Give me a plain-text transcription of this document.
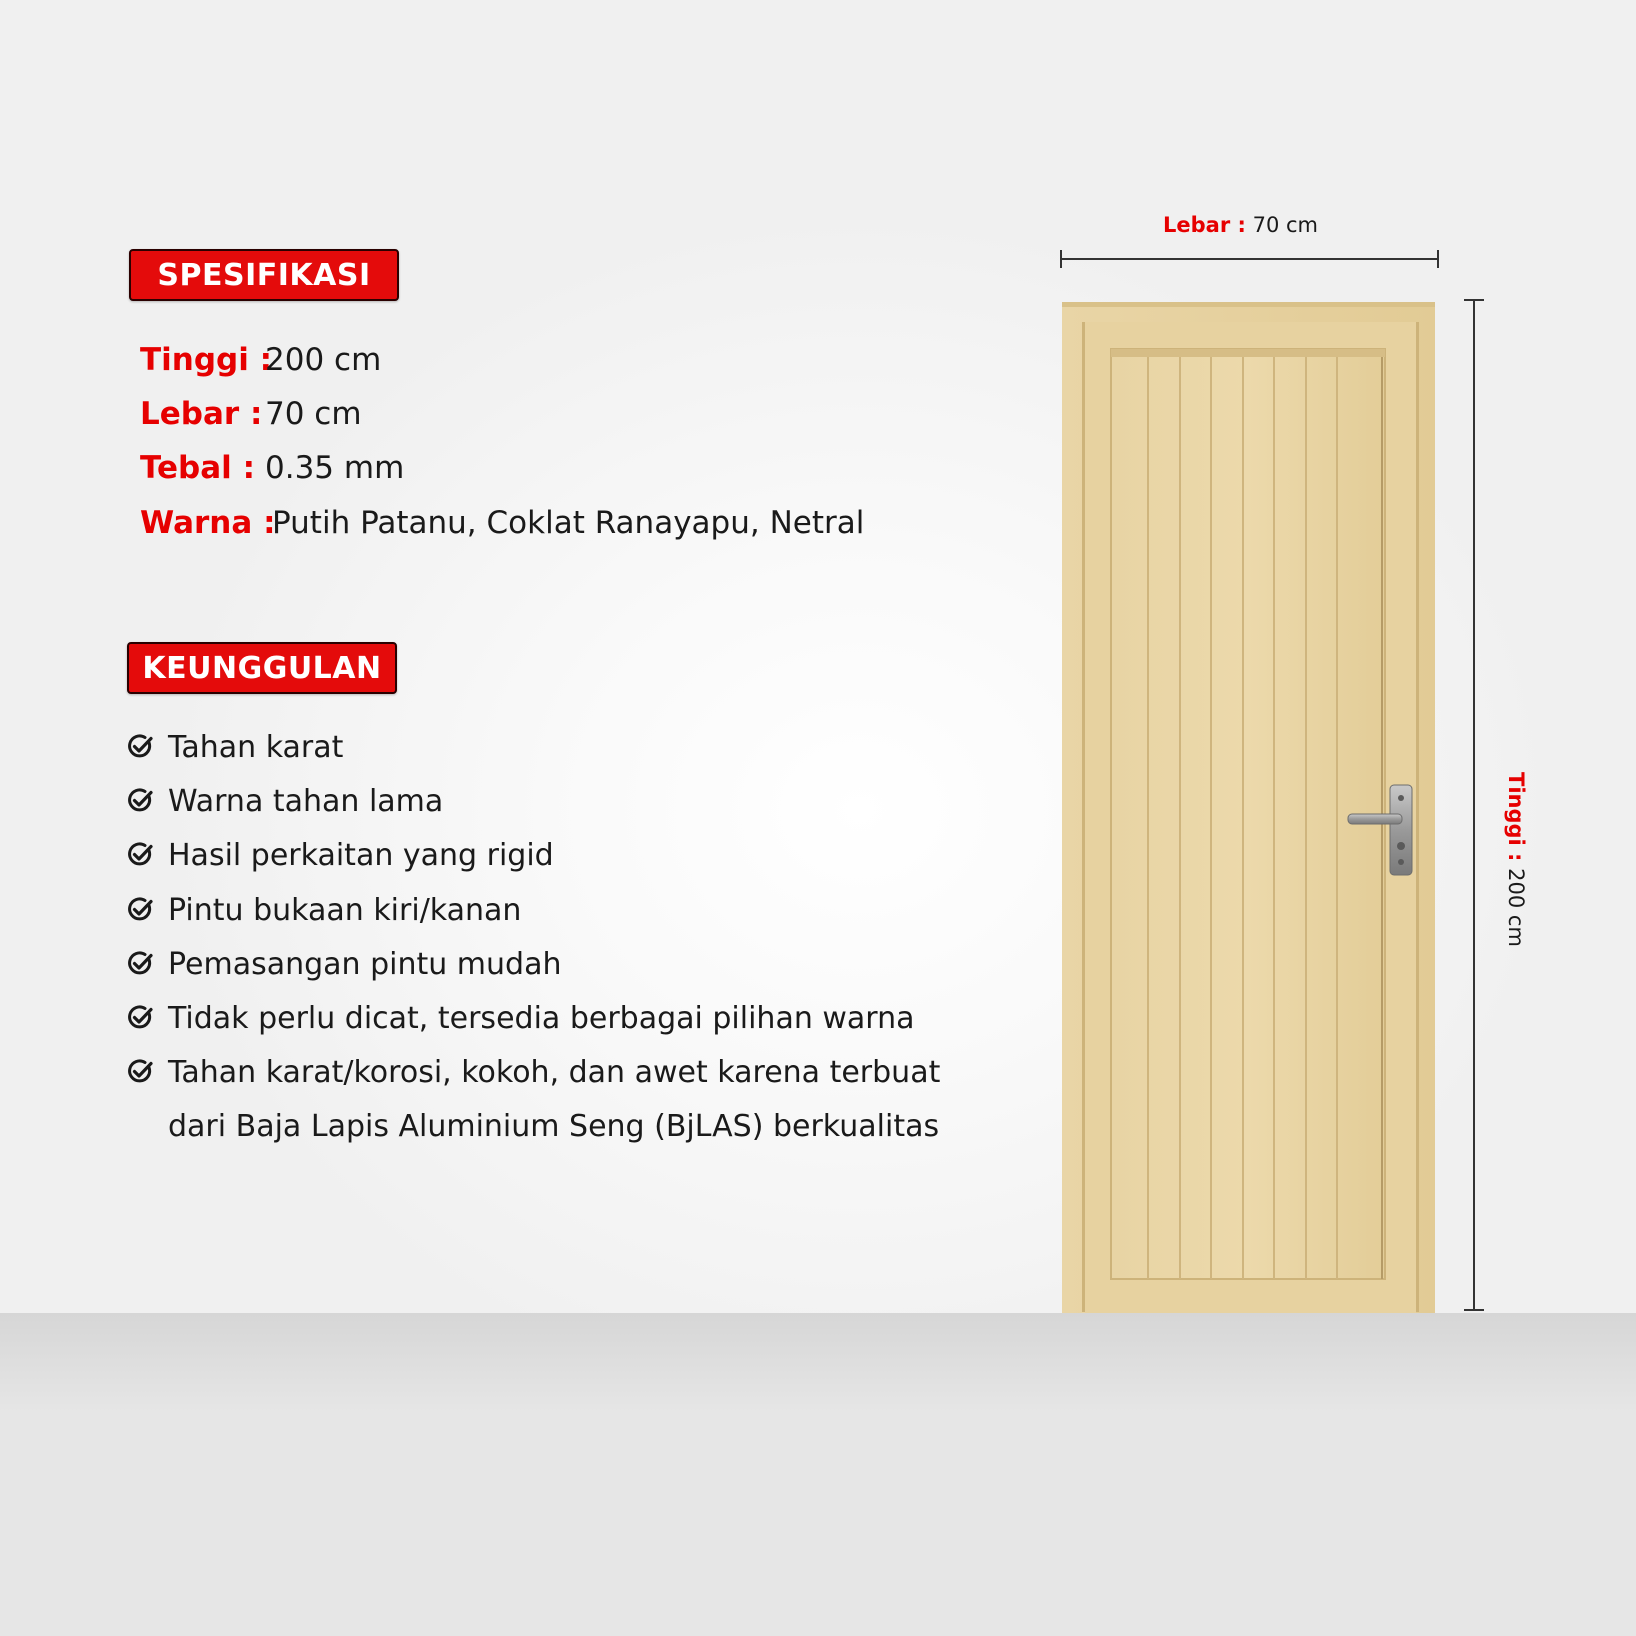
SPESIFIKASI
Tinggi :
200 cm
Lebar : 70 cm
Tebal : 0.35 mm
Warna :
Putih Patanu, Coklat Ranayapu, Netral
KEUNGGULAN
Tahan karat
Warna tahan lama
Hasil perkaitan yang rigid
Pintu bukaan kiri/kanan
Pemasangan pintu mudah
Tidak perlu dicat, tersedia berbagai pilihan warna
Tahan karat/korosi, kokoh, dan awet karena terbuat
dari Baja Lapis Aluminium Seng (BjLAS) berkualitas
Lebar : 70 cm
Tinggi : 200 cm
